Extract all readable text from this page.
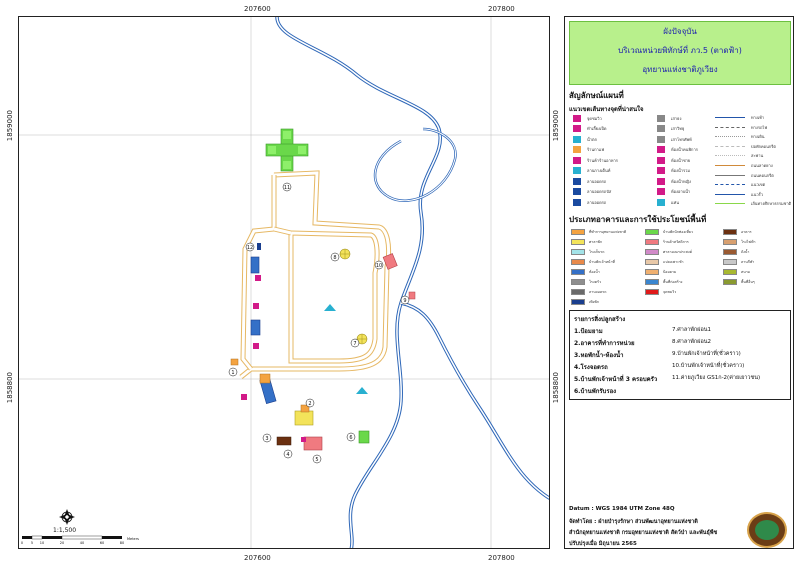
207600	207800
207600	207800
1859000
1858800
1859000
1858800
11
12
8
10
9
7
1
2
3
4
5
6
1:1,500
0 5 10	20	40	60	80
Meters
ผังปัจจุบัน
บริเวณหน่วยพิทักษ์ที่ ภว.5 (ตาดฟ้า)
อุทยานแห่งชาติภูเวียง
สัญลักษณ์แผนที่
แนวเขตเส้นทางจุดที่น่าสนใจ
ประเภทอาคารและการใช้ประโยชน์พื้นที่
รายการสิ่งปลูกสร้าง
1.ป้อมยาม
2.อาคารที่ทำการหน่วย
3.หอพักน้ำ-ห้องน้ำ
4.โรงจอดรถ
5.บ้านพักเจ้าหน้าที่ 3 ครอบครัว
6.บ้านพักรับรอง
7.ศาลาพักผ่อน1
8.ศาลาพักผ่อน2
9.บ้านพักเจ้าหน้าที่(ชั่วคราว)
10.บ้านพักเจ้าหน้าที่(ชั่วคราว)
11.ค่ายภูเวียง GS1ก-2(ค่ายเยาวชน)
Datum : WGS 1984 UTM Zone 48Q
จัดทำโดย : ฝ่ายบำรุงรักษา ส่วนพัฒนาอุทยานแห่งชาติ
สำนักอุทยานแห่งชาติ กรมอุทยานแห่งชาติ สัตว์ป่า และพันธุ์พืช
ปรับปรุงเมื่อ มิถุนายน 2565
จุดชมวิว
ทำเลี้ยงเป็ด
น้ำตก
ร้านกาแฟ
ร้านค้าร้านอาหาร
ลานกางเต็นท์
ลานจอดรถ
ลานจอดรถบัส
ลานจอดรถ
เสาธง
เสาวิทยุ
เสาโทรศัพท์
ห้องน้ำคนพิการ
ห้องน้ำชาย
ห้องน้ำรวม
ห้องน้ำหญิง
ห้องอาบน้ำ
แท่น
ทางเท้า
ทางรถไฟ
ทางเดิน
บ่อพักคอนกรีต
สะพาน
ถนนลาดยาง
ถนนคอนกรีต
แนวเขต
แนวรั้ว
เส้นทางศึกษาธรรมชาติ
ที่ทำการอุทยานแห่งชาติ
ศาลาพัก
โรงเก็บรถ
บ้านพักเจ้าหน้าที่
ห้องน้ำ
โรงครัว
ลานจอดรถ
เพิงพัก
บ้านพักนักท่องเที่ยว
ร้านค้าสวัสดิการ
ศาลาอเนกประสงค์
แปลงเพาะชำ
ป้อมยาม
พื้นที่ก่อสร้าง
จุดชมวิว
อาคาร
โรงไฟฟ้า
ถังน้ำ
ลานกีฬา
สนาม
พื้นที่อื่นๆ
